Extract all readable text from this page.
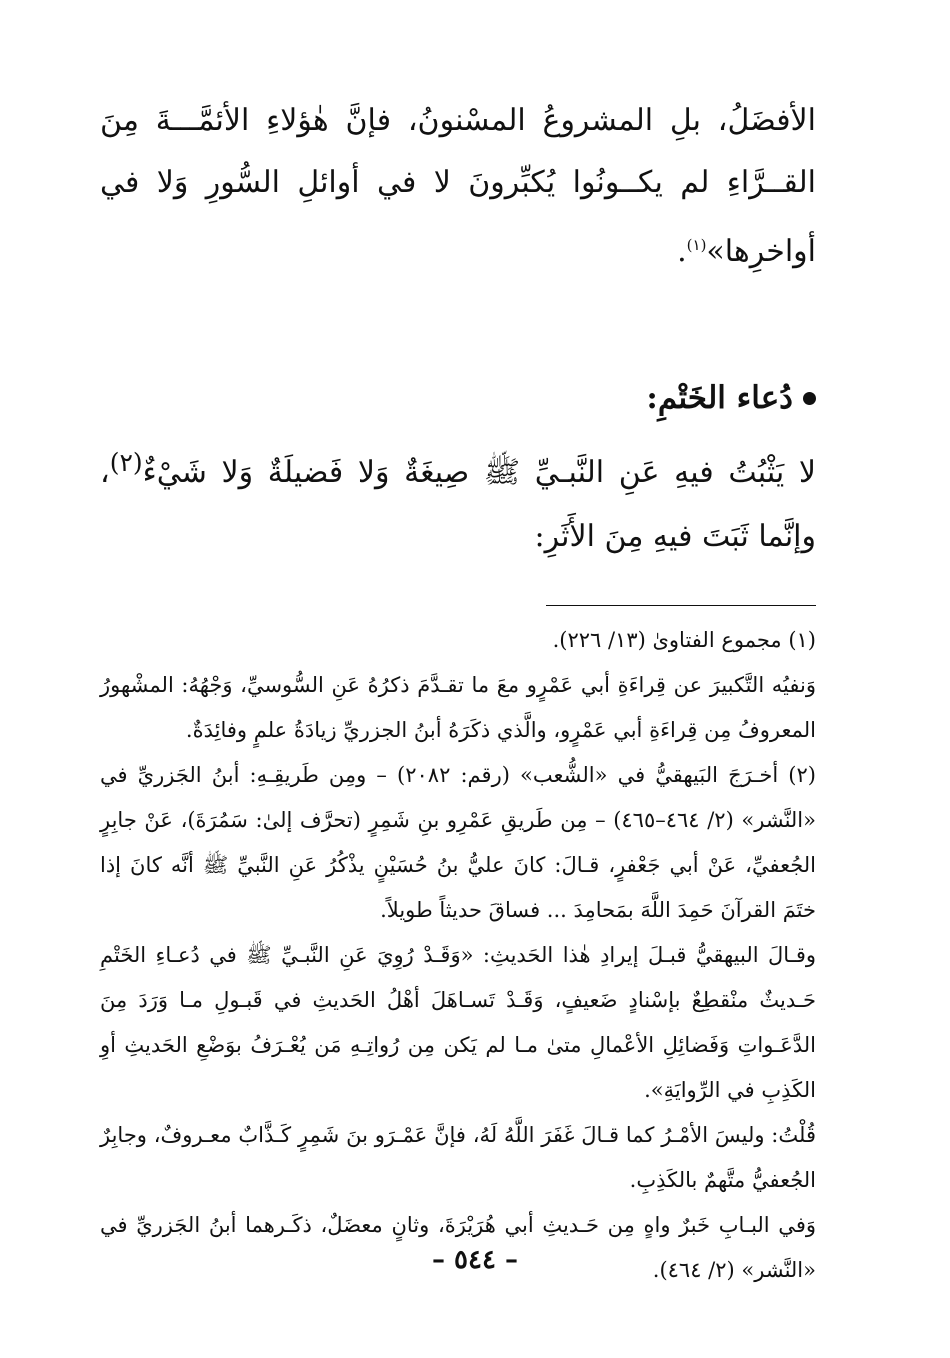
الأفضَلُ، بلِ المشروعُ المسْنونُ، فإنَّ هٰؤلاءِ الأئمَّـــةَ مِنَ القــرَّاءِ لم يكــونُوا يُكبِّرونَ لا في أوائلِ السُّورِ وَلا في أواخرِها»$^{(١)}$.

دُعاء الخَتْمِ:
لا يَثْبُتُ فيهِ عَنِ النَّبـيِّ ﷺ صِيغَةٌ وَلا فَضيلَةٌ وَلا شَيْءٌ$^{(٢)}$، وإنَّما ثَبَتَ فيهِ مِنَ الأَثَرِ:

(١) مجموع الفتاوىٰ (١٣/ ٢٢٦).

وَنفيُه التَّكبيرَ عن قِراءَةِ أبي عَمْرٍو معَ ما تقـدَّمَ ذكرُهُ عَنِ السُّوسيِّ، وَجْهُهُ: المشْهورُ المعروفُ مِن قِراءَةِ أبي عَمْرٍو، والَّذي ذكَرَهُ أبنُ الجزريِّ زيادَةُ علمٍ وفائِدَةٌ.

(٢) أخـرَجَ البَيهقيُّ في «الشُّعب» (رقم: ٢٠٨٢) – ومِن طَريقِـهِ: أبنُ الجَزريِّ في «النَّشر» (٢/ ٤٦٤–٤٦٥) – مِن طَريقِ عَمْرِو بنِ شَمِرٍ (تحرَّف إلىٰ: سَمُرَةَ)، عَنْ جابِرٍ الجُعفيِّ، عَنْ أبي جَعْفرٍ، قـالَ: كانَ عليُّ بنُ حُسَيْنٍ يذْكُرُ عَنِ النَّبيِّ ﷺ أنَّه كانَ إذا ختَمَ القرآنَ حَمِدَ اللَّهَ بمَحامِدَ ... فساقَ حديثاً طويلاً.

وقـالَ البيهقيُّ قبـلَ إيرادِ هٰذا الحَديثِ: «وَقَـدْ رُوِيَ عَنِ النَّبـيِّ ﷺ في دُعـاءِ الخَتْمِ حَـديثٌ منْقطِعٌ بإسْنادٍ ضَعيفٍ، وَقَـدْ تَسـاهَلَ أهْلُ الحَديثِ في قَبـولِ مـا وَرَدَ مِنَ الدَّعَـواتِ وَفَضائِلِ الأعْمالِ متىٰ مـا لم يَكن مِن رُواتِـهِ مَن يُعْـرَفُ بوَضْعِ الحَديثِ أوِ الكَذِبِ في الرِّوايَةِ».

قُلْتُ: وليسَ الأمْـرُ كما قـالَ غَفَرَ اللَّهُ لَهُ، فإنَّ عَمْـرَو بنَ شَمِرٍ كَـذَّابٌ معـروفٌ، وجابِرٌ الجُعفيُّ متَّهمٌ بالكَذِبِ.

وَفي البـابِ خَبرٌ واهٍ مِن حَـديثِ أبي هُرَيْرَةَ، وثانٍ معضَلٌ، ذكَـرهما أبنُ الجَزريِّ في «النَّشر» (٢/ ٤٦٤).

– ٥٤٤ –
